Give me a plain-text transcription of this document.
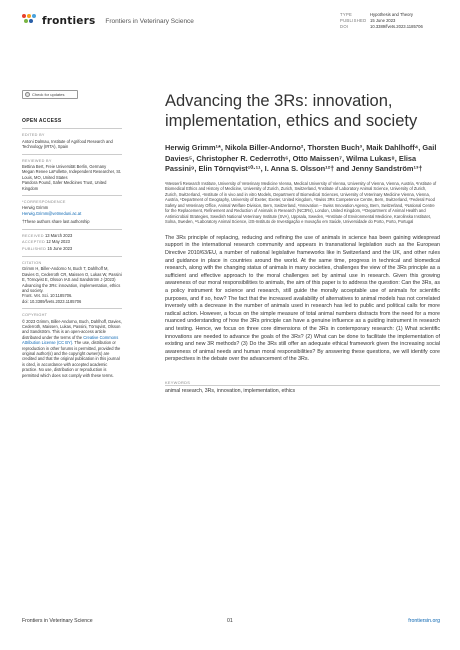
frontiers Frontiers in Veterinary Science
TYPE	Hypothesis and Theory
PUBLISHED 15 June 2023
DOI	10.3389/fvets.2023.1185706
Check for updates
OPEN ACCESS
EDITED BY
Antoni Dalmau, Institute of Agrifood Research and Technology (IRTA), Spain
REVIEWED BY
Bettina Bert, Freie Universität Berlin, Germany
Megan Renee LaFollette, Independent Researcher, St. Louis, MO, United States
Pandora Pound, Safer Medicines Trust, United Kingdom
*CORRESPONDENCE
Herwig Grimm
Herwig.Grimm@vetmeduni.ac.at
†These authors share last authorship
RECEIVED 13 March 2023
ACCEPTED 12 May 2023
PUBLISHED 15 June 2023
CITATION
Grimm H, Biller-Andorno N, Buch T, Dahlhoff M, Davies G, Cederroth CR, Maissen O, Lukas W, Passini E, Törnqvist E, Olsson IAS and Sandström J (2023) Advancing the 3Rs: innovation, implementation, ethics and society.
Front. Vet. Sci. 10:1185706.
doi: 10.3389/fvets.2023.1185706
COPYRIGHT
© 2023 Grimm, Biller-Andorno, Buch, Dahlhoff, Davies, Cederroth, Maissen, Lukas, Passini, Törnqvist, Olsson and Sandström. This is an open-access article distributed under the terms of the Creative Commons Attribution License (CC BY). The use, distribution or reproduction in other forums is permitted, provided the original author(s) and the copyright owner(s) are credited and that the original publication in this journal is cited, in accordance with accepted academic practice. No use, distribution or reproduction is permitted which does not comply with these terms.
Advancing the 3Rs: innovation, implementation, ethics and society
Herwig Grimm¹*, Nikola Biller-Andorno², Thorsten Buch³, Maik Dahlhoff⁴, Gail Davies⁵, Christopher R. Cederroth⁶, Otto Maissen⁷, Wilma Lukas⁸, Elisa Passini⁹, Elin Törnqvist¹⁰·¹¹, I. Anna S. Olsson¹²† and Jenny Sandström¹³†
¹Messerli Research Institute, University of Veterinary Medicine Vienna, Medical University of Vienna, University of Vienna, Vienna, Austria, ²Institute of Biomedical Ethics and History of Medicine, University of Zurich, Zurich, Switzerland, ³Institute of Laboratory Animal Science, University of Zurich, Zurich, Switzerland, ⁴Institute of in vivo and in vitro Models, Department of Biomedical Sciences, University of Veterinary Medicine Vienna, Vienna, Austria, ⁵Department of Geography, University of Exeter, Exeter, United Kingdom, ⁶Swiss 3Rs Competence Centre, Bern, Switzerland, ⁷Federal Food Safety and Veterinary Office, Animal Welfare Division, Bern, Switzerland, ⁸Innovation – Swiss Innovation Agency, Bern, Switzerland, ⁹National Centre for the Replacement, Refinement and Reduction of Animals in Research (NC3Rs), London, United Kingdom, ¹⁰Department of Animal Health and Antimicrobial Strategies, Swedish National Veterinary Institute (SVA), Uppsala, Sweden, ¹¹Institute of Environmental Medicine, Karolinska Institutet, Solna, Sweden, ¹²Laboratory Animal Science, i3S-Instituto de Investigação e Inovação em Saúde, Universidade do Porto, Porto, Portugal
The 3Rs principle of replacing, reducing and refining the use of animals in science has been gaining widespread support in the international research community and appears in transnational legislation such as the European Directive 2010/63/EU, a number of national legislative frameworks like in Switzerland and the UK, and other rules and guidance in place in countries around the world. At the same time, progress in technical and biomedical research, along with the changing status of animals in many societies, challenges the view of the 3Rs principle as a sufficient and effective approach to the moral challenges set by animal use in research. Given this growing awareness of our moral responsibilities to animals, the aim of this paper is to address the question: Can the 3Rs, as a policy instrument for science and research, still guide the morally acceptable use of animals for scientific purposes, and if so, how? The fact that the increased availability of alternatives to animal models has not correlated inversely with a decrease in the number of animals used in research has led to public and political calls for more radical action. However, a focus on the simple measure of total animal numbers distracts from the need for a more nuanced understanding of how the 3Rs principle can have a genuine influence as a guiding instrument in research and testing. Hence, we focus on three core dimensions of the 3Rs in contemporary research: (1) What scientific innovations are needed to advance the goals of the 3Rs? (2) What can be done to facilitate the implementation of existing and new 3R methods? (3) Do the 3Rs still offer an adequate ethical framework given the increasing social awareness of animal needs and human moral responsibilities? By answering these questions, we will identify core perspectives in the debate over the advancement of the 3Rs.
KEYWORDS
animal research, 3Rs, innovation, implementation, ethics
Frontiers in Veterinary Science	01	frontiersin.org
